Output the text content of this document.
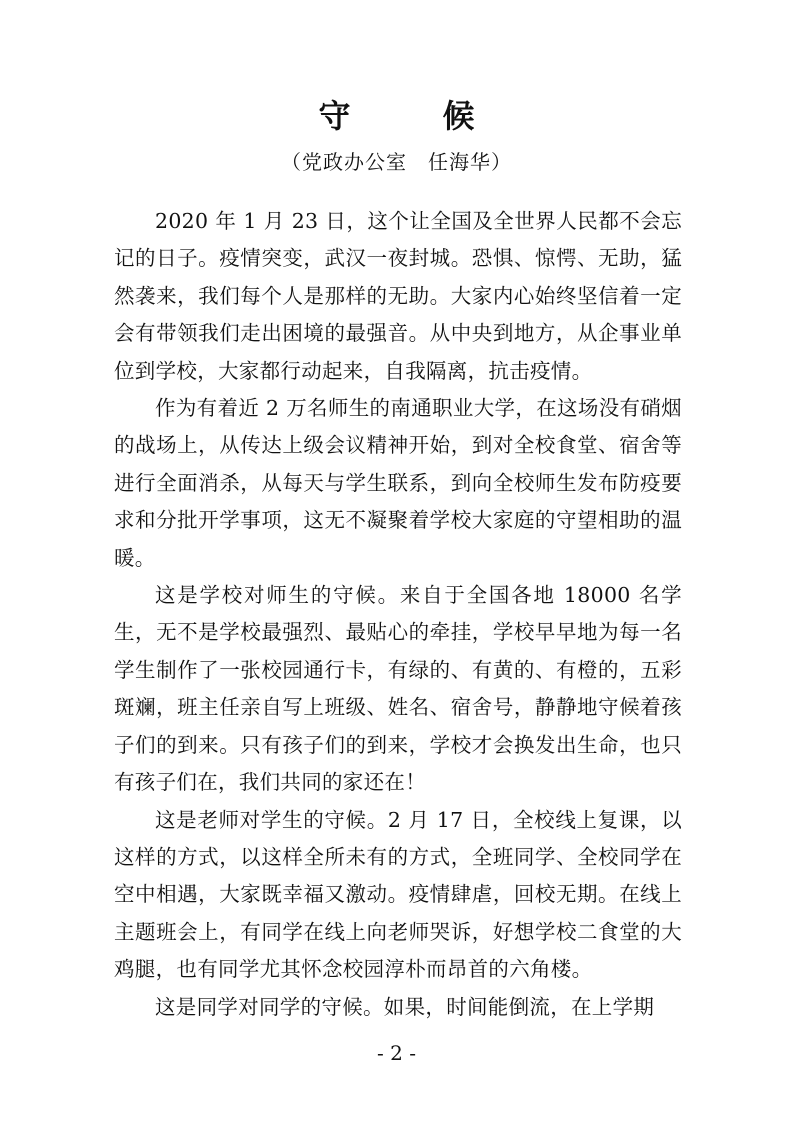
守　候
（党政办公室　任海华）

2020 年 1 月 23 日，这个让全国及全世界人民都不会忘记的日子。疫情突变，武汉一夜封城。恐惧、惊愕、无助，猛然袭来，我们每个人是那样的无助。大家内心始终坚信着一定会有带领我们走出困境的最强音。从中央到地方，从企事业单位到学校，大家都行动起来，自我隔离，抗击疫情。

作为有着近 2 万名师生的南通职业大学，在这场没有硝烟的战场上，从传达上级会议精神开始，到对全校食堂、宿舍等进行全面消杀，从每天与学生联系，到向全校师生发布防疫要求和分批开学事项，这无不凝聚着学校大家庭的守望相助的温暖。

这是学校对师生的守候。来自于全国各地 18000 名学生，无不是学校最强烈、最贴心的牵挂，学校早早地为每一名学生制作了一张校园通行卡，有绿的、有黄的、有橙的，五彩斑斓，班主任亲自写上班级、姓名、宿舍号，静静地守候着孩子们的到来。只有孩子们的到来，学校才会换发出生命，也只有孩子们在，我们共同的家还在！

这是老师对学生的守候。2 月 17 日，全校线上复课，以这样的方式，以这样全所未有的方式，全班同学、全校同学在空中相遇，大家既幸福又激动。疫情肆虐，回校无期。在线上主题班会上，有同学在线上向老师哭诉，好想学校二食堂的大鸡腿，也有同学尤其怀念校园淳朴而昂首的六角楼。

这是同学对同学的守候。如果，时间能倒流，在上学期

- 2 -
